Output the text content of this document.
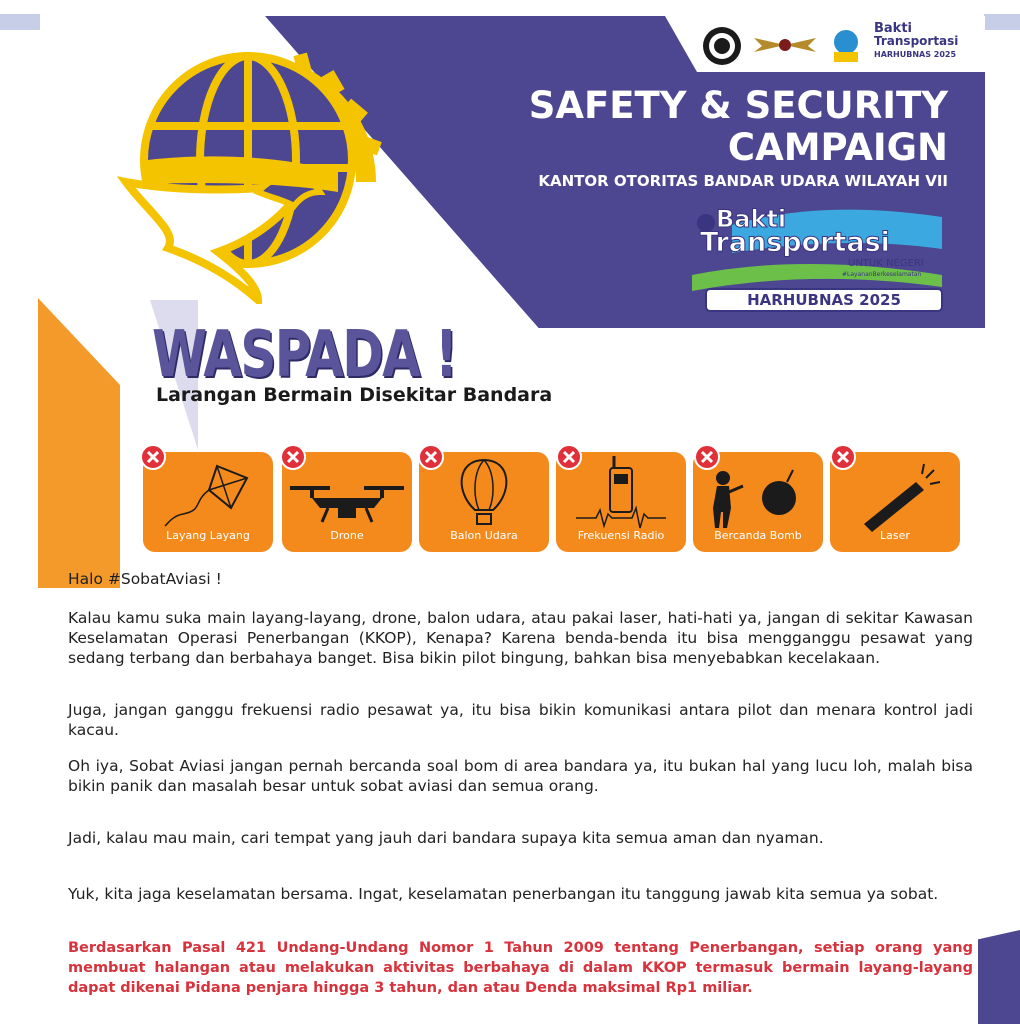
Bakti
Transportasi
HARHUBNAS 2025
SAFETY & SECURITY
CAMPAIGN
KANTOR OTORITAS BANDAR UDARA WILAYAH VII
Bakti
Transportasi
UNTUK NEGERI
#LayananBerkeselamatan
HARHUBNAS 2025
WASPADA !
Larangan Bermain Disekitar Bandara
Layang Layang	Drone	Balon Udara	Frekuensi Radio	Bercanda Bomb	Laser
Halo #SobatAviasi !
Kalau kamu suka main layang-layang, drone, balon udara, atau pakai laser, hati-hati ya, jangan di sekitar Kawasan Keselamatan Operasi Penerbangan (KKOP), Kenapa? Karena benda-benda itu bisa mengganggu pesawat yang sedang terbang dan berbahaya banget. Bisa bikin pilot bingung, bahkan bisa menyebabkan kecelakaan.
Juga, jangan ganggu frekuensi radio pesawat ya, itu bisa bikin komunikasi antara pilot dan menara kontrol jadi kacau.
Oh iya, Sobat Aviasi jangan pernah bercanda soal bom di area bandara ya, itu bukan hal yang lucu loh, malah bisa bikin panik dan masalah besar untuk sobat aviasi dan semua orang.
Jadi, kalau mau main, cari tempat yang jauh dari bandara supaya kita semua aman dan nyaman.
Yuk, kita jaga keselamatan bersama. Ingat, keselamatan penerbangan itu tanggung jawab kita semua ya sobat.
Berdasarkan Pasal 421 Undang-Undang Nomor 1 Tahun 2009 tentang Penerbangan, setiap orang yang membuat halangan atau melakukan aktivitas berbahaya di dalam KKOP termasuk bermain layang-layang dapat dikenai Pidana penjara hingga 3 tahun, dan atau Denda maksimal Rp1 miliar.
